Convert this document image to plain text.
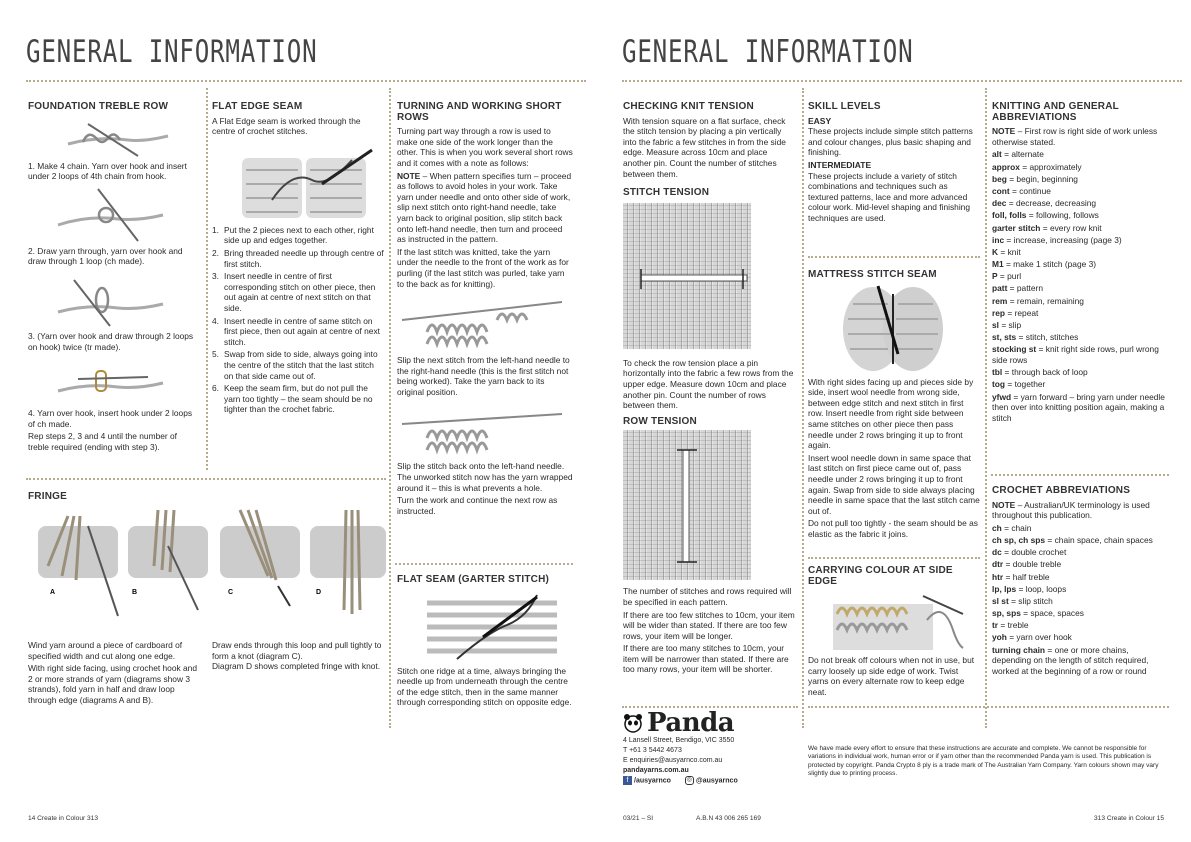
GENERAL INFORMATION
FOUNDATION TREBLE ROW

1. Make 4 chain. Yarn over hook and insert under 2 loops of 4th chain from hook.

2. Draw yarn through, yarn over hook and draw through 1 loop (ch made).

3. (Yarn over hook and draw through 2 loops on hook) twice (tr made).

4. Yarn over hook, insert hook under 2 loops of ch made.

Rep steps 2, 3 and 4 until the number of treble required (ending with step 3).

FLAT EDGE SEAM

A Flat Edge seam is worked through the centre of crochet stitches.

1. Put the 2 pieces next to each other, right side up and edges together.
2. Bring threaded needle up through centre of first stitch.
3. Insert needle in centre of first corresponding stitch on other piece, then out again at centre of next stitch on that side.
4. Insert needle in centre of same stitch on first piece, then out again at centre of next stitch.
5. Swap from side to side, always going into the centre of the stitch that the last stitch on that side came out of.
6. Keep the seam firm, but do not pull the yarn too tightly – the seam should be no tighter than the crochet fabric.
TURNING AND WORKING SHORT ROWS

Turning part way through a row is used to make one side of the work longer than the other. This is when you work several short rows and it comes with a note as follows:

NOTE – When pattern specifies turn – proceed as follows to avoid holes in your work. Take yarn under needle and onto other side of work, slip next stitch onto right-hand needle, take yarn back to original position, slip stitch back onto left-hand needle, then turn and proceed as instructed in the pattern.

If the last stitch was knitted, take the yarn under the needle to the front of the work as for purling (if the last stitch was purled, take yarn to the back as for knitting).

Slip the next stitch from the left-hand needle to the right-hand needle (this is the first stitch not being worked). Take the yarn back to its original position.

Slip the stitch back onto the left-hand needle. The unworked stitch now has the yarn wrapped around it – this is what prevents a hole.

Turn the work and continue the next row as instructed.

FRINGE
A	B	C	D

Wind yarn around a piece of cardboard of specified width and cut along one edge.

With right side facing, using crochet hook and 2 or more strands of yarn (diagrams show 3 strands), fold yarn in half and draw loop through edge (diagrams A and B).

Draw ends through this loop and pull tightly to form a knot (diagram C).

Diagram D shows completed fringe with knot.

FLAT SEAM (GARTER STITCH)

Stitch one ridge at a time, always bringing the needle up from underneath through the centre of the edge stitch, then in the same manner through corresponding stitch on opposite edge.

14 Create in Colour 313
GENERAL INFORMATION
CHECKING KNIT TENSION

With tension square on a flat surface, check the stitch tension by placing a pin vertically into the fabric a few stitches in from the side edge. Measure across 10cm and place another pin. Count the number of stitches between them.

STITCH TENSION

To check the row tension place a pin horizontally into the fabric a few rows from the upper edge. Measure down 10cm and place another pin. Count the number of rows between them.

ROW TENSION

The number of stitches and rows required will be specified in each pattern.

If there are too few stitches to 10cm, your item will be wider than stated. If there are too few rows, your item will be longer.

If there are too many stitches to 10cm, your item will be narrower than stated. If there are too many rows, your item will be shorter.

Panda
4 Lansell Street, Bendigo, VIC 3550
T +61 3 5442 4673
E enquiries@ausyarnco.com.au
pandayarns.com.au
f /ausyarnco	◎ @ausyarnco
SKILL LEVELS
EASY

These projects include simple stitch patterns and colour changes, plus basic shaping and finishing.

INTERMEDIATE

These projects include a variety of stitch combinations and techniques such as textured patterns, lace and more advanced colour work. Mid-level shaping and finishing techniques are used.

MATTRESS STITCH SEAM

With right sides facing up and pieces side by side, insert wool needle from wrong side, between edge stitch and next stitch in first row. Insert needle from right side between same stitches on other piece then pass needle under 2 rows bringing it up to front again.

Insert wool needle down in same space that last stitch on first piece came out of, pass needle under 2 rows bringing it up to front again. Swap from side to side always placing needle in same space that the last stitch came out of.

Do not pull too tightly - the seam should be as elastic as the fabric it joins.

CARRYING COLOUR AT SIDE EDGE

Do not break off colours when not in use, but carry loosely up side edge of work. Twist yarns on every alternate row to keep edge neat.

We have made every effort to ensure that these instructions are accurate and complete. We cannot be responsible for variations in individual work, human error or if yarn other than the recommended Panda yarn is used. This publication is protected by copyright. Panda Crypto 8 ply is a trade mark of The Australian Yarn Company. Yarn colours shown may vary slightly due to printing process.
KNITTING AND GENERAL ABBREVIATIONS

NOTE – First row is right side of work unless otherwise stated.

alt = alternate
approx = approximately
beg = begin, beginning
cont = continue
dec = decrease, decreasing
foll, folls = following, follows
garter stitch = every row knit
inc = increase, increasing (page 3)
K = knit
M1 = make 1 stitch (page 3)
P = purl
patt = pattern
rem = remain, remaining
rep = repeat
sl = slip
st, sts = stitch, stitches
stocking st = knit right side rows, purl wrong side rows
tbl = through back of loop
tog = together
yfwd = yarn forward – bring yarn under needle then over into knitting position again, making a stitch
CROCHET ABBREVIATIONS

NOTE – Australian/UK terminology is used throughout this publication.

ch = chain
ch sp, ch sps = chain space, chain spaces
dc = double crochet
dtr = double treble
htr = half treble
lp, lps = loop, loops
sl st = slip stitch
sp, sps = space, spaces
tr = treble
yoh = yarn over hook
turning chain = one or more chains, depending on the length of stitch required, worked at the beginning of a row or round
03/21 – SI	A.B.N 43 006 265 169	313 Create in Colour 15
